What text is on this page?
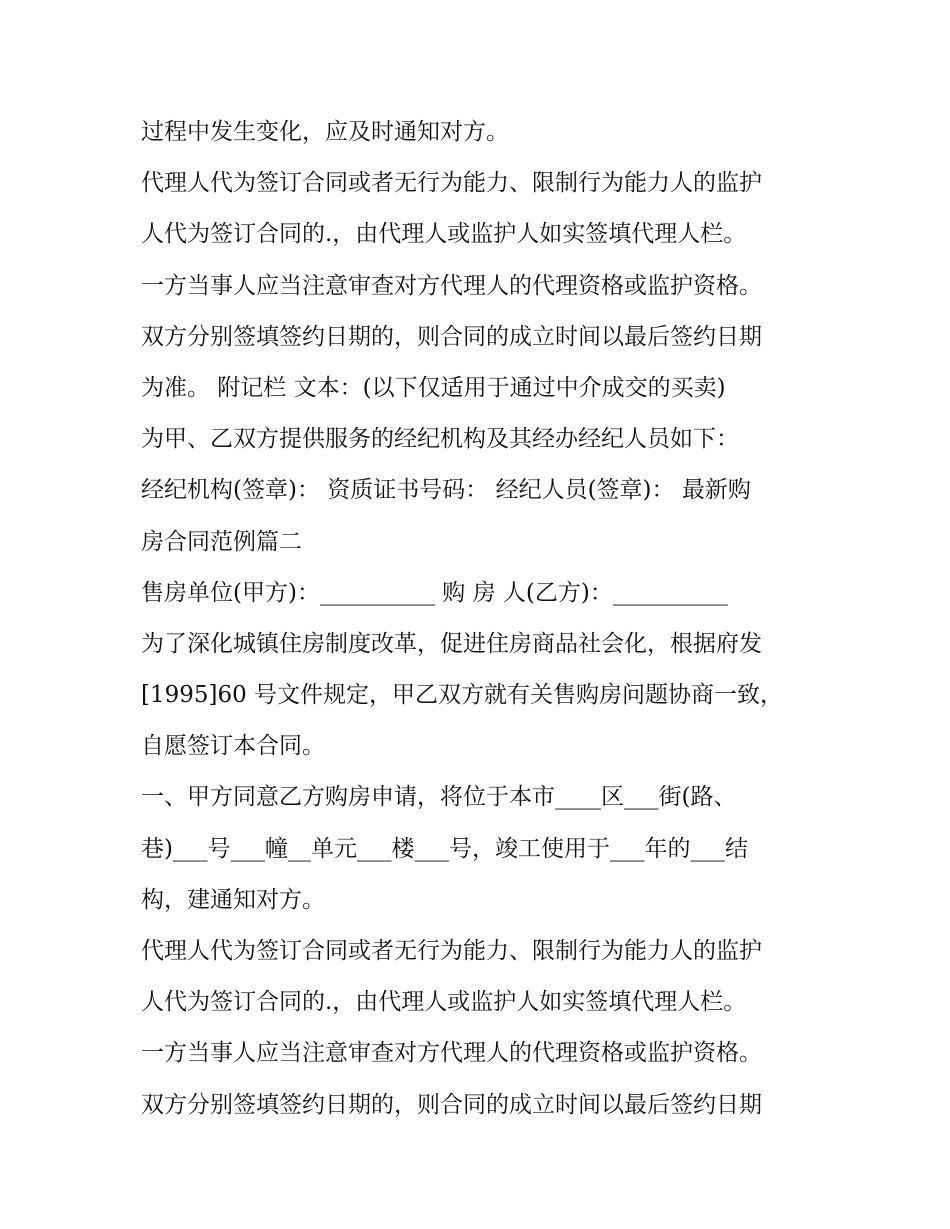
过程中发生变化，应及时通知对方。
代理人代为签订合同或者无行为能力、限制行为能力人的监护
人代为签订合同的.，由代理人或监护人如实签填代理人栏。
一方当事人应当注意审查对方代理人的代理资格或监护资格。
双方分别签填签约日期的，则合同的成立时间以最后签约日期
为准。 附记栏 文本：(以下仅适用于通过中介成交的买卖)
为甲、乙双方提供服务的经纪机构及其经办经纪人员如下：
经纪机构(签章)： 资质证书号码： 经纪人员(签章)： 最新购
房合同范例篇二
售房单位(甲方)：__________ 购 房 人(乙方)：__________
为了深化城镇住房制度改革，促进住房商品社会化，根据府发
[1995]60 号文件规定，甲乙双方就有关售购房问题协商一致，
自愿签订本合同。
一、甲方同意乙方购房申请，将位于本市____区___街(路、
巷)___号___幢__单元___楼___号，竣工使用于___年的___结
构，建通知对方。
代理人代为签订合同或者无行为能力、限制行为能力人的监护
人代为签订合同的.，由代理人或监护人如实签填代理人栏。
一方当事人应当注意审查对方代理人的代理资格或监护资格。
双方分别签填签约日期的，则合同的成立时间以最后签约日期
